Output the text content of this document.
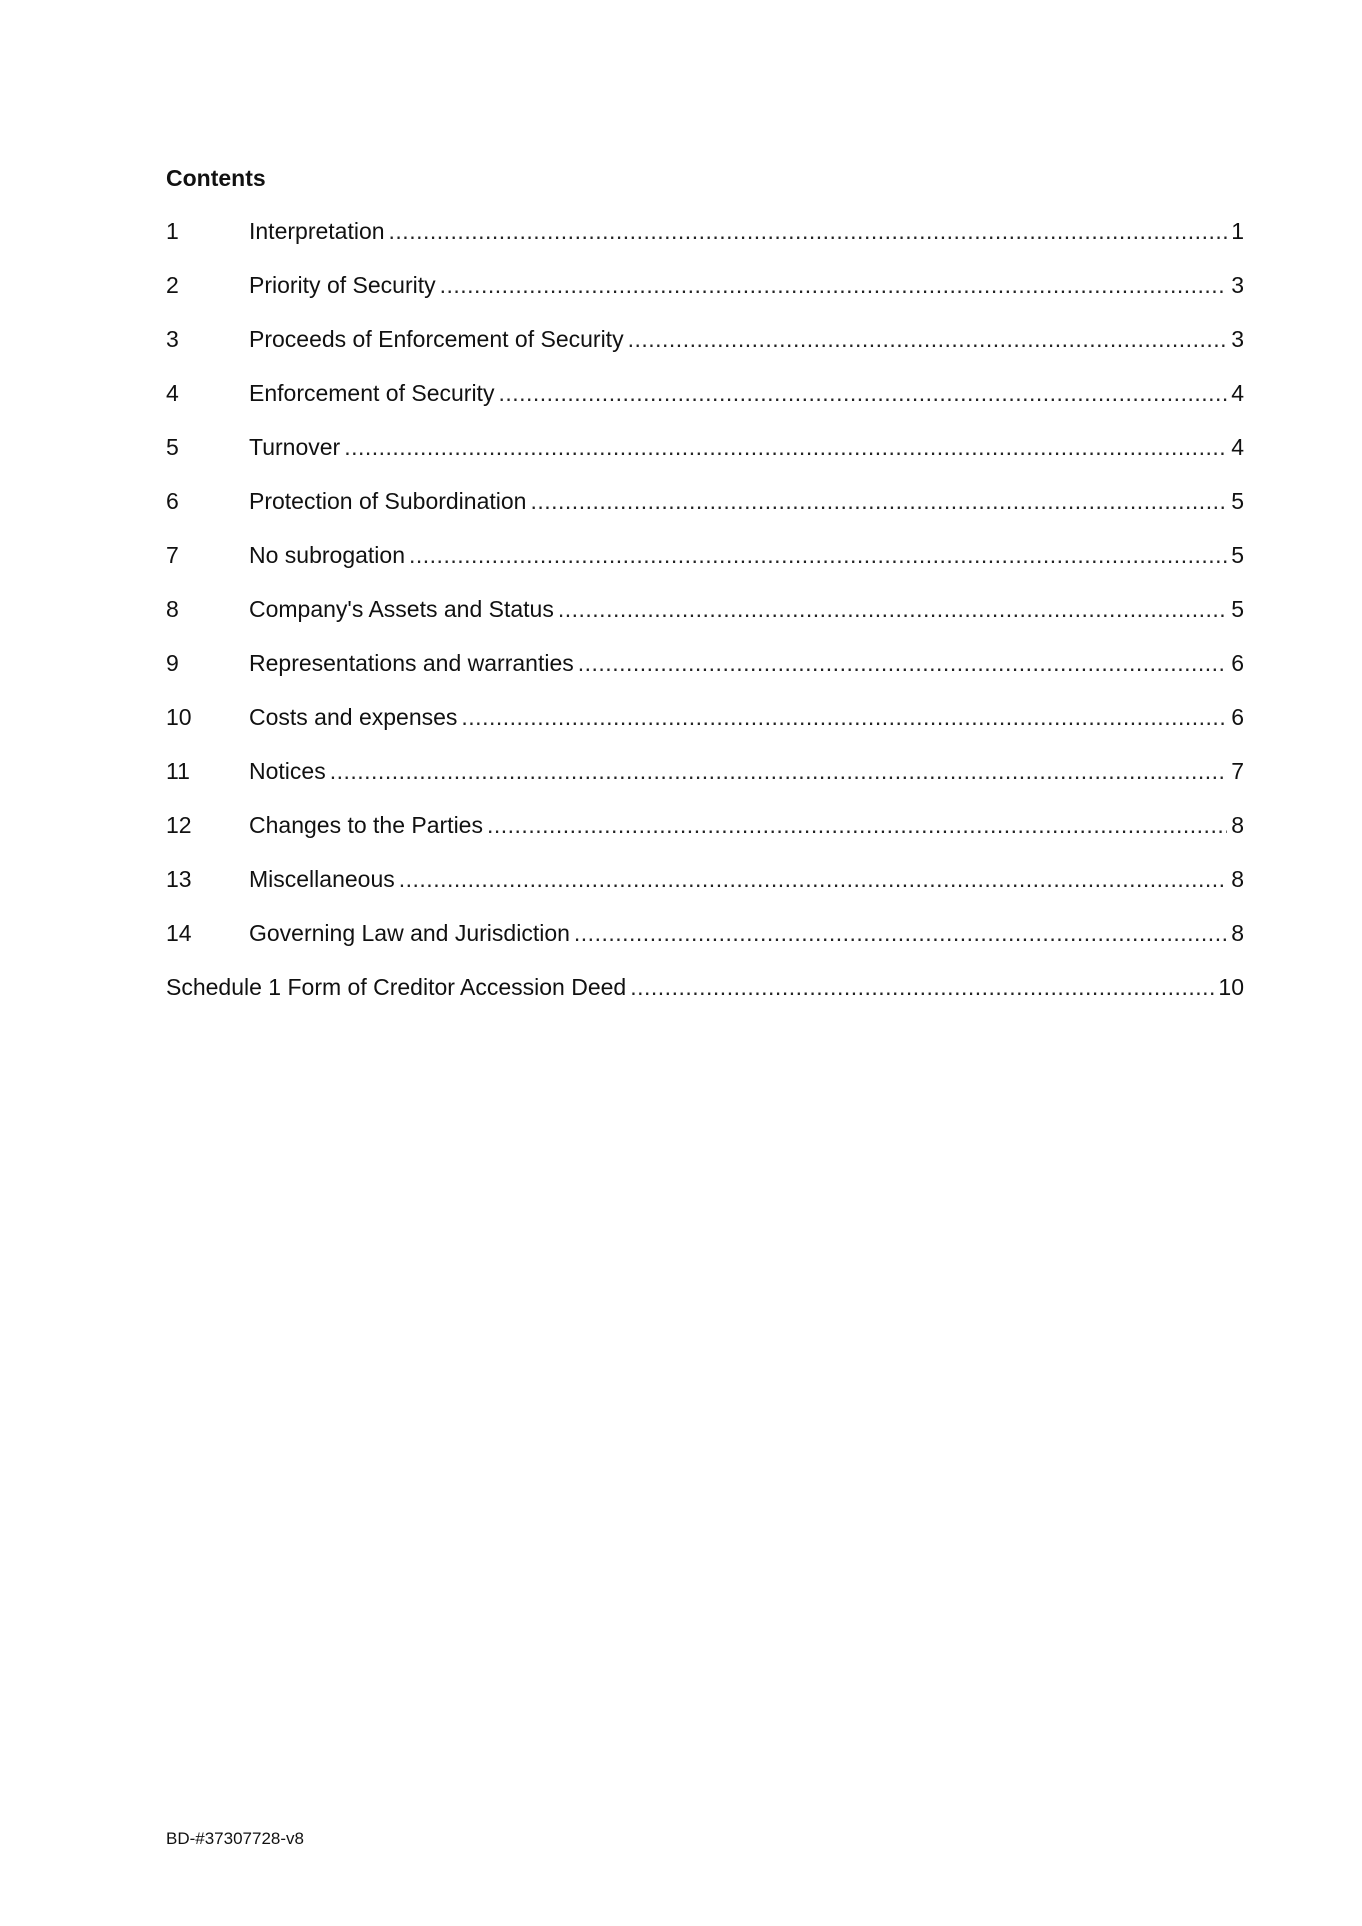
Contents
1	Interpretation .....	1
2	Priority of Security .....	3
3	Proceeds of Enforcement of Security .....	3
4	Enforcement of Security .....	4
5	Turnover .....	4
6	Protection of Subordination .....	5
7	No subrogation .....	5
8	Company's Assets and Status .....	5
9	Representations and warranties .....	6
10	Costs and expenses .....	6
11	Notices .....	7
12	Changes to the Parties .....	8
13	Miscellaneous .....	8
14	Governing Law and Jurisdiction .....	8
Schedule 1 Form of Creditor Accession Deed .....	10

BD-#37307728-v8
